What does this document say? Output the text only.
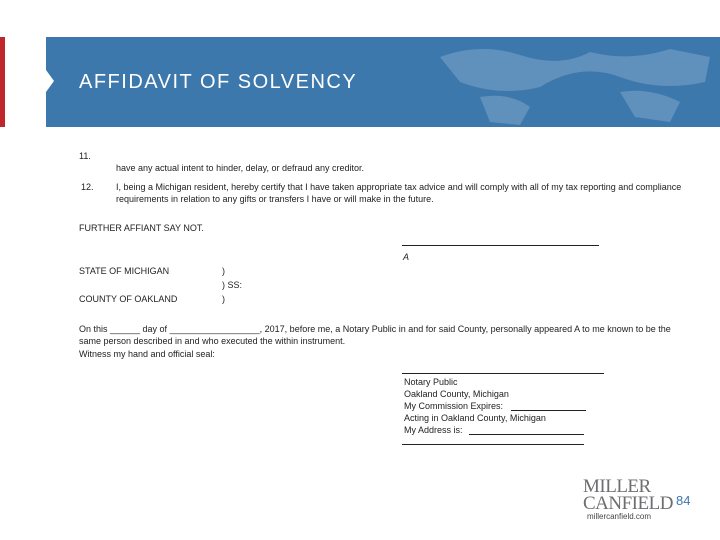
AFFIDAVIT OF SOLVENCY
11.
have any actual intent to hinder, delay, or defraud any creditor.
12. I, being a Michigan resident, hereby certify that I have taken appropriate tax advice and will comply with all of my tax reporting and compliance requirements in relation to any gifts or transfers I have or will make in the future.
FURTHER AFFIANT SAY NOT.
A
STATE OF MICHIGAN
COUNTY OF OAKLAND
)
) SS:
)
On this ______ day of __________________, 2017, before me, a Notary Public in and for said County, personally appeared A to me known to be the same person described in and who executed the within instrument.
Witness my hand and official seal:
Notary Public
Oakland County, Michigan
My Commission Expires:
Acting in Oakland County, Michigan
My Address is:
MILLER
CANFIELD 84
millercanfield.com
